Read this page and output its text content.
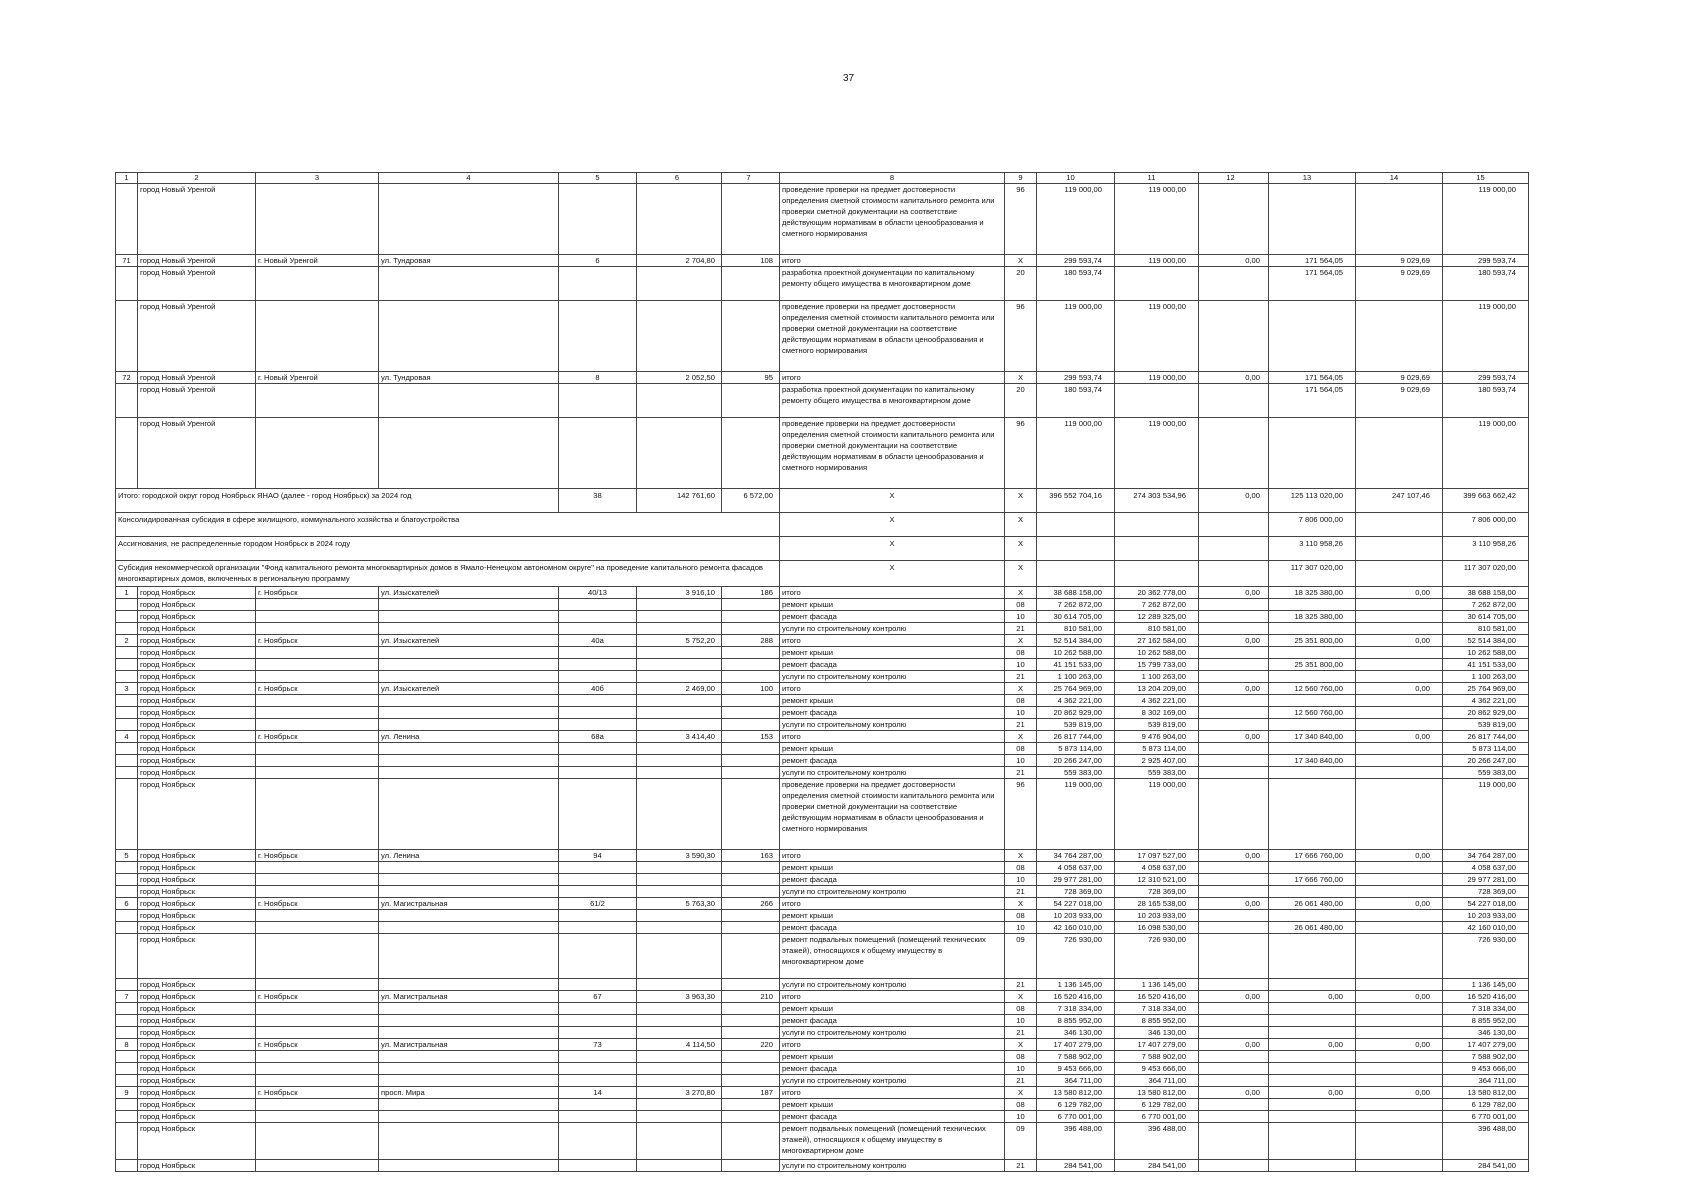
37
1	2	3	4	5	6	7	8	9	10	11	12	13	14	15
	город Новый Уренгой						проведение проверки на предмет достоверности определения сметной стоимости капитального ремонта или проверки сметной документации на соответствие действующим нормативам в области ценообразования и сметного нормирования	96	119 000,00	119 000,00				119 000,00
71	город Новый Уренгой	г. Новый Уренгой	ул. Тундровая	6	2 704,80	108	итого	X	299 593,74	119 000,00	0,00	171 564,05	9 029,69	299 593,74
	город Новый Уренгой						разработка проектной документации по капитальному ремонту общего имущества в многоквартирном доме	20	180 593,74			171 564,05	9 029,69	180 593,74
	город Новый Уренгой						проведение проверки на предмет достоверности определения сметной стоимости капитального ремонта или проверки сметной документации на соответствие действующим нормативам в области ценообразования и сметного нормирования	96	119 000,00	119 000,00				119 000,00
72	город Новый Уренгой	г. Новый Уренгой	ул. Тундровая	8	2 052,50	95	итого	X	299 593,74	119 000,00	0,00	171 564,05	9 029,69	299 593,74
	город Новый Уренгой						разработка проектной документации по капитальному ремонту общего имущества в многоквартирном доме	20	180 593,74			171 564,05	9 029,69	180 593,74
	город Новый Уренгой						проведение проверки на предмет достоверности определения сметной стоимости капитального ремонта или проверки сметной документации на соответствие действующим нормативам в области ценообразования и сметного нормирования	96	119 000,00	119 000,00				119 000,00
Итого: городской округ город Ноябрьск ЯНАО (далее - город Ноябрьск) за 2024 год				38	142 761,60	6 572,00	X	X	396 552 704,16	274 303 534,96	0,00	125 113 020,00	247 107,46	399 663 662,42
Консолидированная субсидия в сфере жилищного, коммунального хозяйства и благоустройства							X	X				7 806 000,00		7 806 000,00
Ассигнования, не распределенные городом Ноябрьск в 2024 году							X	X				3 110 958,26		3 110 958,26
Субсидия некоммерческой организации "Фонд капитального ремонта многоквартирных домов в Ямало-Ненецком автономном округе" на проведение капитального ремонта фасадов многоквартирных домов, включенных в региональную программу							X	X				117 307 020,00		117 307 020,00
1	город Ноябрьск	г. Ноябрьск	ул. Изыскателей	40/13	3 916,10	186	итого	X	38 688 158,00	20 362 778,00	0,00	18 325 380,00	0,00	38 688 158,00
	город Ноябрьск						ремонт крыши	08	7 262 872,00	7 262 872,00				7 262 872,00
	город Ноябрьск						ремонт фасада	10	30 614 705,00	12 289 325,00		18 325 380,00		30 614 705,00
	город Ноябрьск						услуги по строительному контролю	21	810 581,00	810 581,00				810 581,00
2	город Ноябрьск	г. Ноябрьск	ул. Изыскателей	40а	5 752,20	288	итого	X	52 514 384,00	27 162 584,00	0,00	25 351 800,00	0,00	52 514 384,00
	город Ноябрьск						ремонт крыши	08	10 262 588,00	10 262 588,00				10 262 588,00
	город Ноябрьск						ремонт фасада	10	41 151 533,00	15 799 733,00		25 351 800,00		41 151 533,00
	город Ноябрьск						услуги по строительному контролю	21	1 100 263,00	1 100 263,00				1 100 263,00
3	город Ноябрьск	г. Ноябрьск	ул. Изыскателей	40б	2 469,00	100	итого	X	25 764 969,00	13 204 209,00	0,00	12 560 760,00	0,00	25 764 969,00
	город Ноябрьск						ремонт крыши	08	4 362 221,00	4 362 221,00				4 362 221,00
	город Ноябрьск						ремонт фасада	10	20 862 929,00	8 302 169,00		12 560 760,00		20 862 929,00
	город Ноябрьск						услуги по строительному контролю	21	539 819,00	539 819,00				539 819,00
4	город Ноябрьск	г. Ноябрьск	ул. Ленина	68а	3 414,40	153	итого	X	26 817 744,00	9 476 904,00	0,00	17 340 840,00	0,00	26 817 744,00
	город Ноябрьск						ремонт крыши	08	5 873 114,00	5 873 114,00				5 873 114,00
	город Ноябрьск						ремонт фасада	10	20 266 247,00	2 925 407,00		17 340 840,00		20 266 247,00
	город Ноябрьск						услуги по строительному контролю	21	559 383,00	559 383,00				559 383,00
	город Ноябрьск						проведение проверки на предмет достоверности определения сметной стоимости капитального ремонта или проверки сметной документации на соответствие действующим нормативам в области ценообразования и сметного нормирования	96	119 000,00	119 000,00				119 000,00
5	город Ноябрьск	г. Ноябрьск	ул. Ленина	94	3 590,30	163	итого	X	34 764 287,00	17 097 527,00	0,00	17 666 760,00	0,00	34 764 287,00
	город Ноябрьск						ремонт крыши	08	4 058 637,00	4 058 637,00				4 058 637,00
	город Ноябрьск						ремонт фасада	10	29 977 281,00	12 310 521,00		17 666 760,00		29 977 281,00
	город Ноябрьск						услуги по строительному контролю	21	728 369,00	728 369,00				728 369,00
6	город Ноябрьск	г. Ноябрьск	ул. Магистральная	61/2	5 763,30	266	итого	X	54 227 018,00	28 165 538,00	0,00	26 061 480,00	0,00	54 227 018,00
	город Ноябрьск						ремонт крыши	08	10 203 933,00	10 203 933,00				10 203 933,00
	город Ноябрьск						ремонт фасада	10	42 160 010,00	16 098 530,00		26 061 480,00		42 160 010,00
	город Ноябрьск						ремонт подвальных помещений (помещений технических этажей), относящихся к общему имуществу в многоквартирном доме	09	726 930,00	726 930,00				726 930,00
	город Ноябрьск						услуги по строительному контролю	21	1 136 145,00	1 136 145,00				1 136 145,00
7	город Ноябрьск	г. Ноябрьск	ул. Магистральная	67	3 963,30	210	итого	X	16 520 416,00	16 520 416,00	0,00	0,00	0,00	16 520 416,00
	город Ноябрьск						ремонт крыши	08	7 318 334,00	7 318 334,00				7 318 334,00
	город Ноябрьск						ремонт фасада	10	8 855 952,00	8 855 952,00				8 855 952,00
	город Ноябрьск						услуги по строительному контролю	21	346 130,00	346 130,00				346 130,00
8	город Ноябрьск	г. Ноябрьск	ул. Магистральная	73	4 114,50	220	итого	X	17 407 279,00	17 407 279,00	0,00	0,00	0,00	17 407 279,00
	город Ноябрьск						ремонт крыши	08	7 588 902,00	7 588 902,00				7 588 902,00
	город Ноябрьск						ремонт фасада	10	9 453 666,00	9 453 666,00				9 453 666,00
	город Ноябрьск						услуги по строительному контролю	21	364 711,00	364 711,00				364 711,00
9	город Ноябрьск	г. Ноябрьск	просп. Мира	14	3 270,80	187	итого	X	13 580 812,00	13 580 812,00	0,00	0,00	0,00	13 580 812,00
	город Ноябрьск						ремонт крыши	08	6 129 782,00	6 129 782,00				6 129 782,00
	город Ноябрьск						ремонт фасада	10	6 770 001,00	6 770 001,00				6 770 001,00
	город Ноябрьск						ремонт подвальных помещений (помещений технических этажей), относящихся к общему имуществу в многоквартирном доме	09	396 488,00	396 488,00				396 488,00
	город Ноябрьск						услуги по строительному контролю	21	284 541,00	284 541,00				284 541,00
